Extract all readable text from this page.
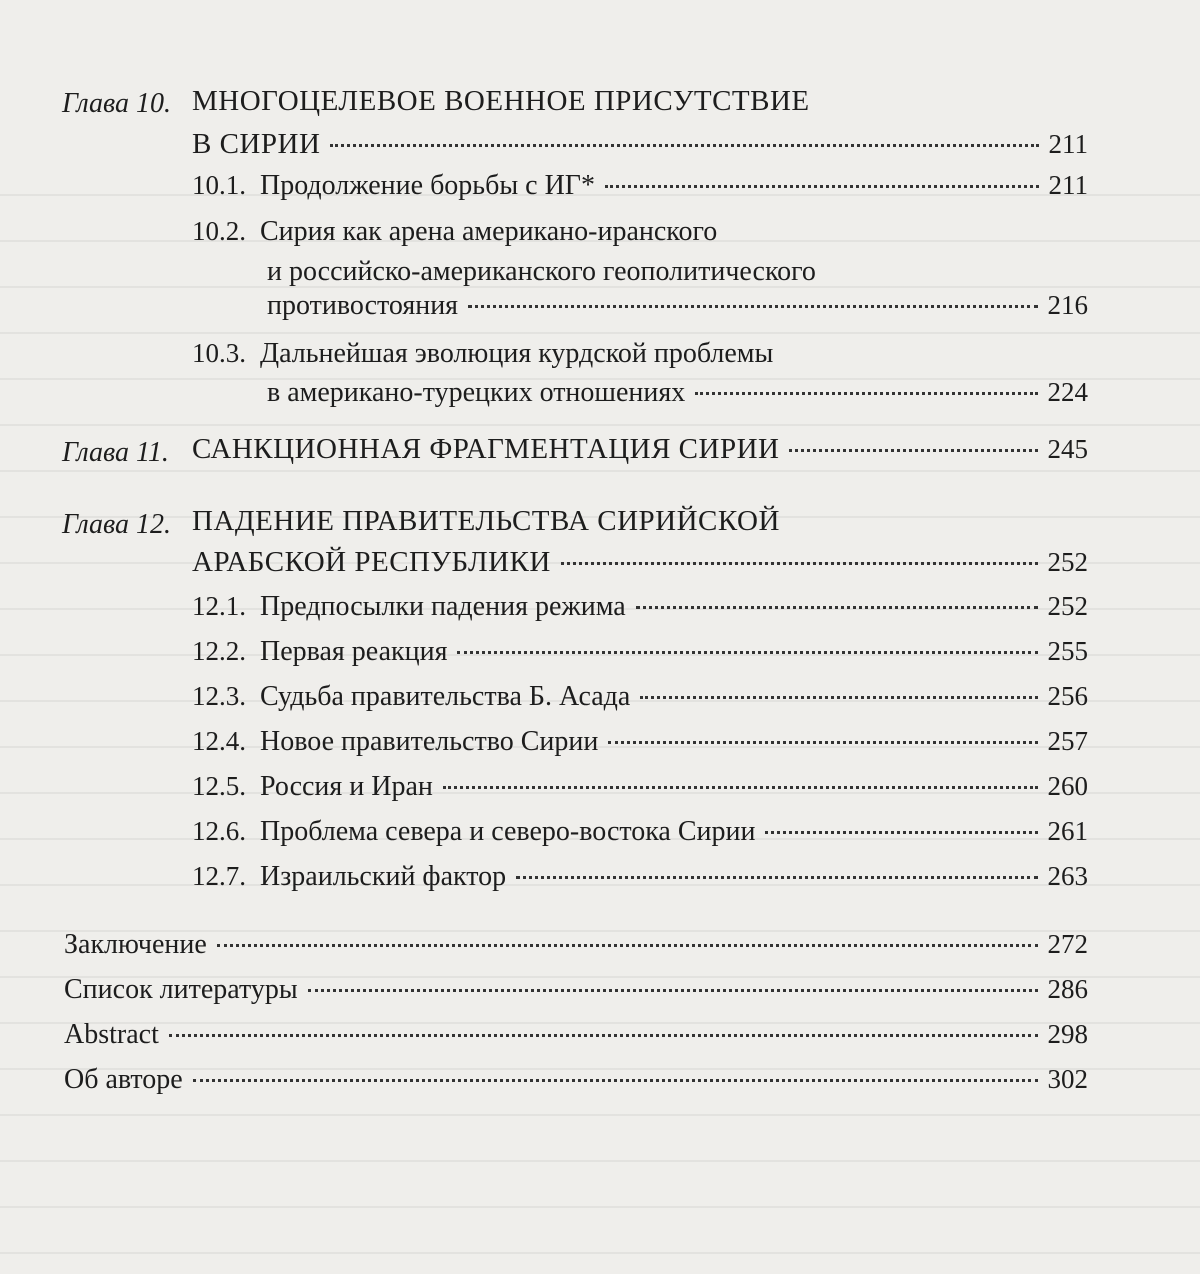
Глава 10. МНОГОЦЕЛЕВОЕ ВОЕННОЕ ПРИСУТСТВИЕ
В СИРИИ	211
10.1. Продолжение борьбы с ИГ*	211
10.2. Сирия как арена американо-иранского
и российско-американского геополитического
противостояния	216
10.3. Дальнейшая эволюция курдской проблемы
в американо-турецких отношениях	224
Глава 11. САНКЦИОННАЯ ФРАГМЕНТАЦИЯ СИРИИ	245
Глава 12. ПАДЕНИЕ ПРАВИТЕЛЬСТВА СИРИЙСКОЙ
АРАБСКОЙ РЕСПУБЛИКИ	252
12.1. Предпосылки падения режима	252
12.2. Первая реакция	255
12.3. Судьба правительства Б. Асада	256
12.4. Новое правительство Сирии	257
12.5. Россия и Иран	260
12.6. Проблема севера и северо-востока Сирии	261
12.7. Израильский фактор	263
Заключение	272
Список литературы	286
Abstract	298
Об авторе	302
